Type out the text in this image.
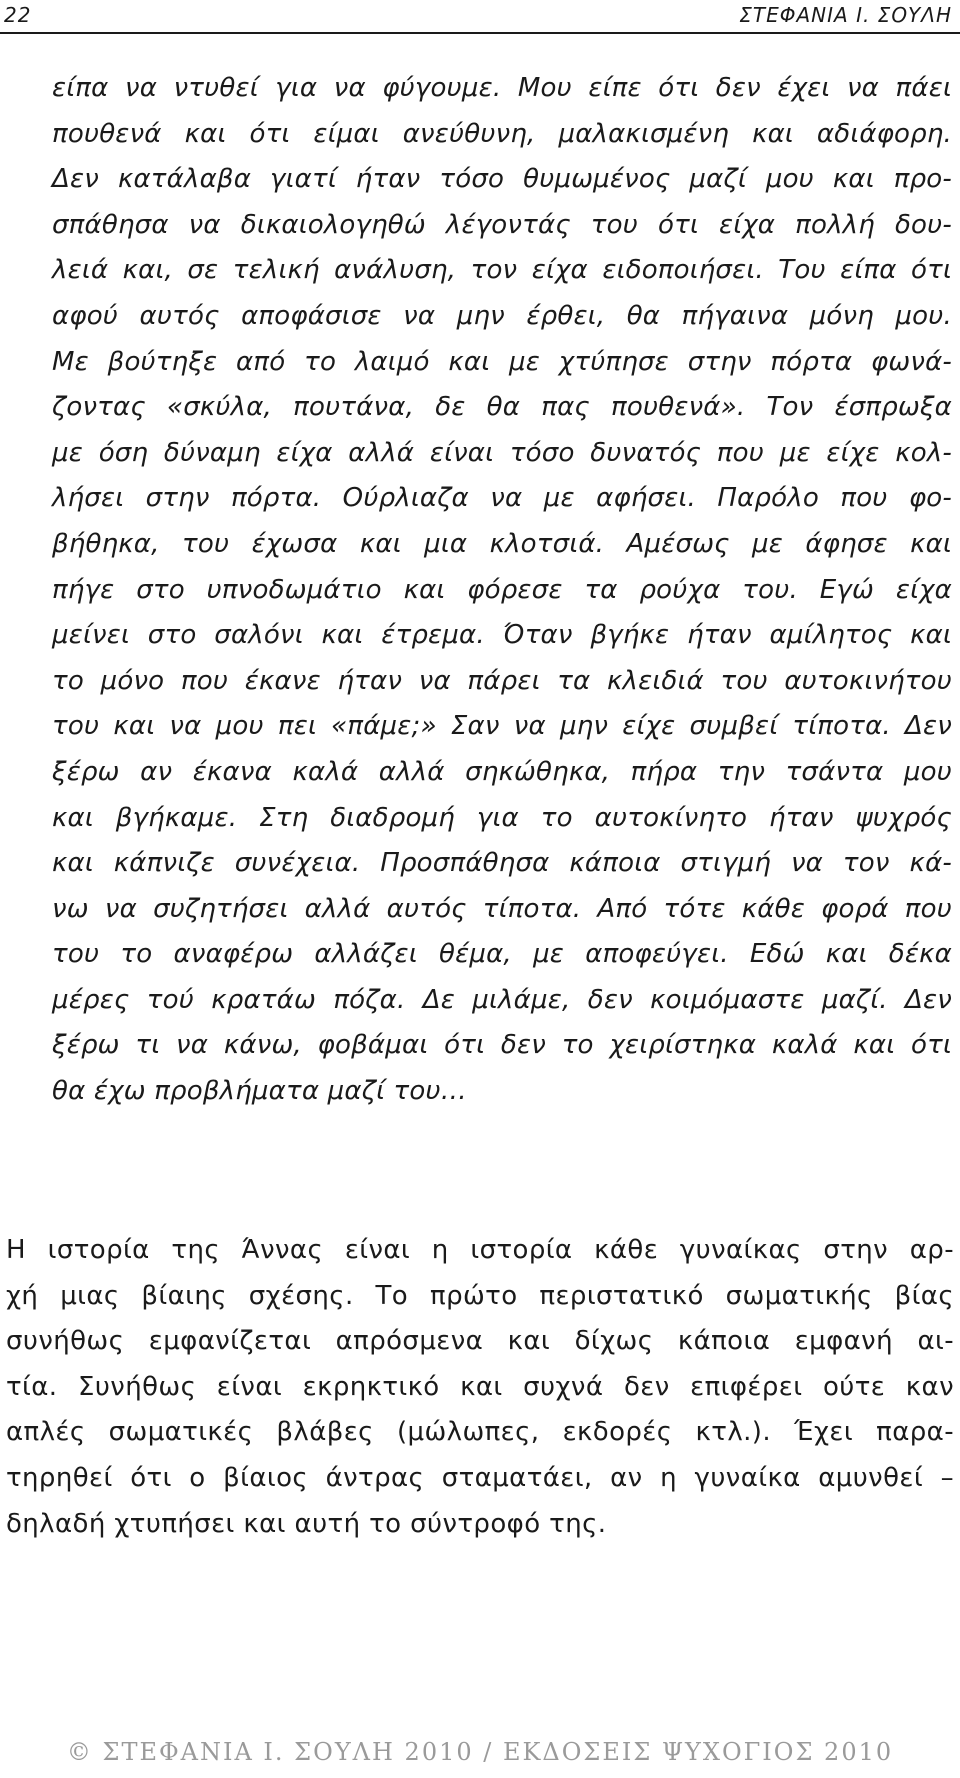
22	ΣΤΕΦΑΝΙΑ Ι. ΣΟΥΛΗ
είπα να ντυθεί για να φύγουμε. Μου είπε ότι δεν έχει να πάει
πουθενά και ότι είμαι ανεύθυνη, μαλακισμένη και αδιάφορη.
Δεν κατάλαβα γιατί ήταν τόσο θυμωμένος μαζί μου και προ-
σπάθησα να δικαιολογηθώ λέγοντάς του ότι είχα πολλή δου-
λειά και, σε τελική ανάλυση, τον είχα ειδοποιήσει. Του είπα ότι
αφού αυτός αποφάσισε να μην έρθει, θα πήγαινα μόνη μου.
Με βούτηξε από το λαιμό και με χτύπησε στην πόρτα φωνά-
ζοντας «σκύλα, πουτάνα, δε θα πας πουθενά». Τον έσπρωξα
με όση δύναμη είχα αλλά είναι τόσο δυνατός που με είχε κολ-
λήσει στην πόρτα. Ούρλιαζα να με αφήσει. Παρόλο που φο-
βήθηκα, του έχωσα και μια κλοτσιά. Αμέσως με άφησε και
πήγε στο υπνοδωμάτιο και φόρεσε τα ρούχα του. Εγώ είχα
μείνει στο σαλόνι και έτρεμα. Όταν βγήκε ήταν αμίλητος και
το μόνο που έκανε ήταν να πάρει τα κλειδιά του αυτοκινήτου
του και να μου πει «πάμε;» Σαν να μην είχε συμβεί τίποτα. Δεν
ξέρω αν έκανα καλά αλλά σηκώθηκα, πήρα την τσάντα μου
και βγήκαμε. Στη διαδρομή για το αυτοκίνητο ήταν ψυχρός
και κάπνιζε συνέχεια. Προσπάθησα κάποια στιγμή να τον κά-
νω να συζητήσει αλλά αυτός τίποτα. Από τότε κάθε φορά που
του το αναφέρω αλλάζει θέμα, με αποφεύγει. Εδώ και δέκα
μέρες τού κρατάω πόζα. Δε μιλάμε, δεν κοιμόμαστε μαζί. Δεν
ξέρω τι να κάνω, φοβάμαι ότι δεν το χειρίστηκα καλά και ότι
θα έχω προβλήματα μαζί του…
Η ιστορία της Άννας είναι η ιστορία κάθε γυναίκας στην αρ-
χή μιας βίαιης σχέσης. Το πρώτο περιστατικό σωματικής βίας
συνήθως εμφανίζεται απρόσμενα και δίχως κάποια εμφανή αι-
τία. Συνήθως είναι εκρηκτικό και συχνά δεν επιφέρει ούτε καν
απλές σωματικές βλάβες (μώλωπες, εκδορές κτλ.). Έχει παρα-
τηρηθεί ότι ο βίαιος άντρας σταματάει, αν η γυναίκα αμυνθεί –
δηλαδή χτυπήσει και αυτή το σύντροφό της.
© ΣΤΕΦΑΝΙΑ Ι. ΣΟΥΛΗ 2010 / ΕΚΔΟΣΕΙΣ ΨΥΧΟΓΙΟΣ 2010
